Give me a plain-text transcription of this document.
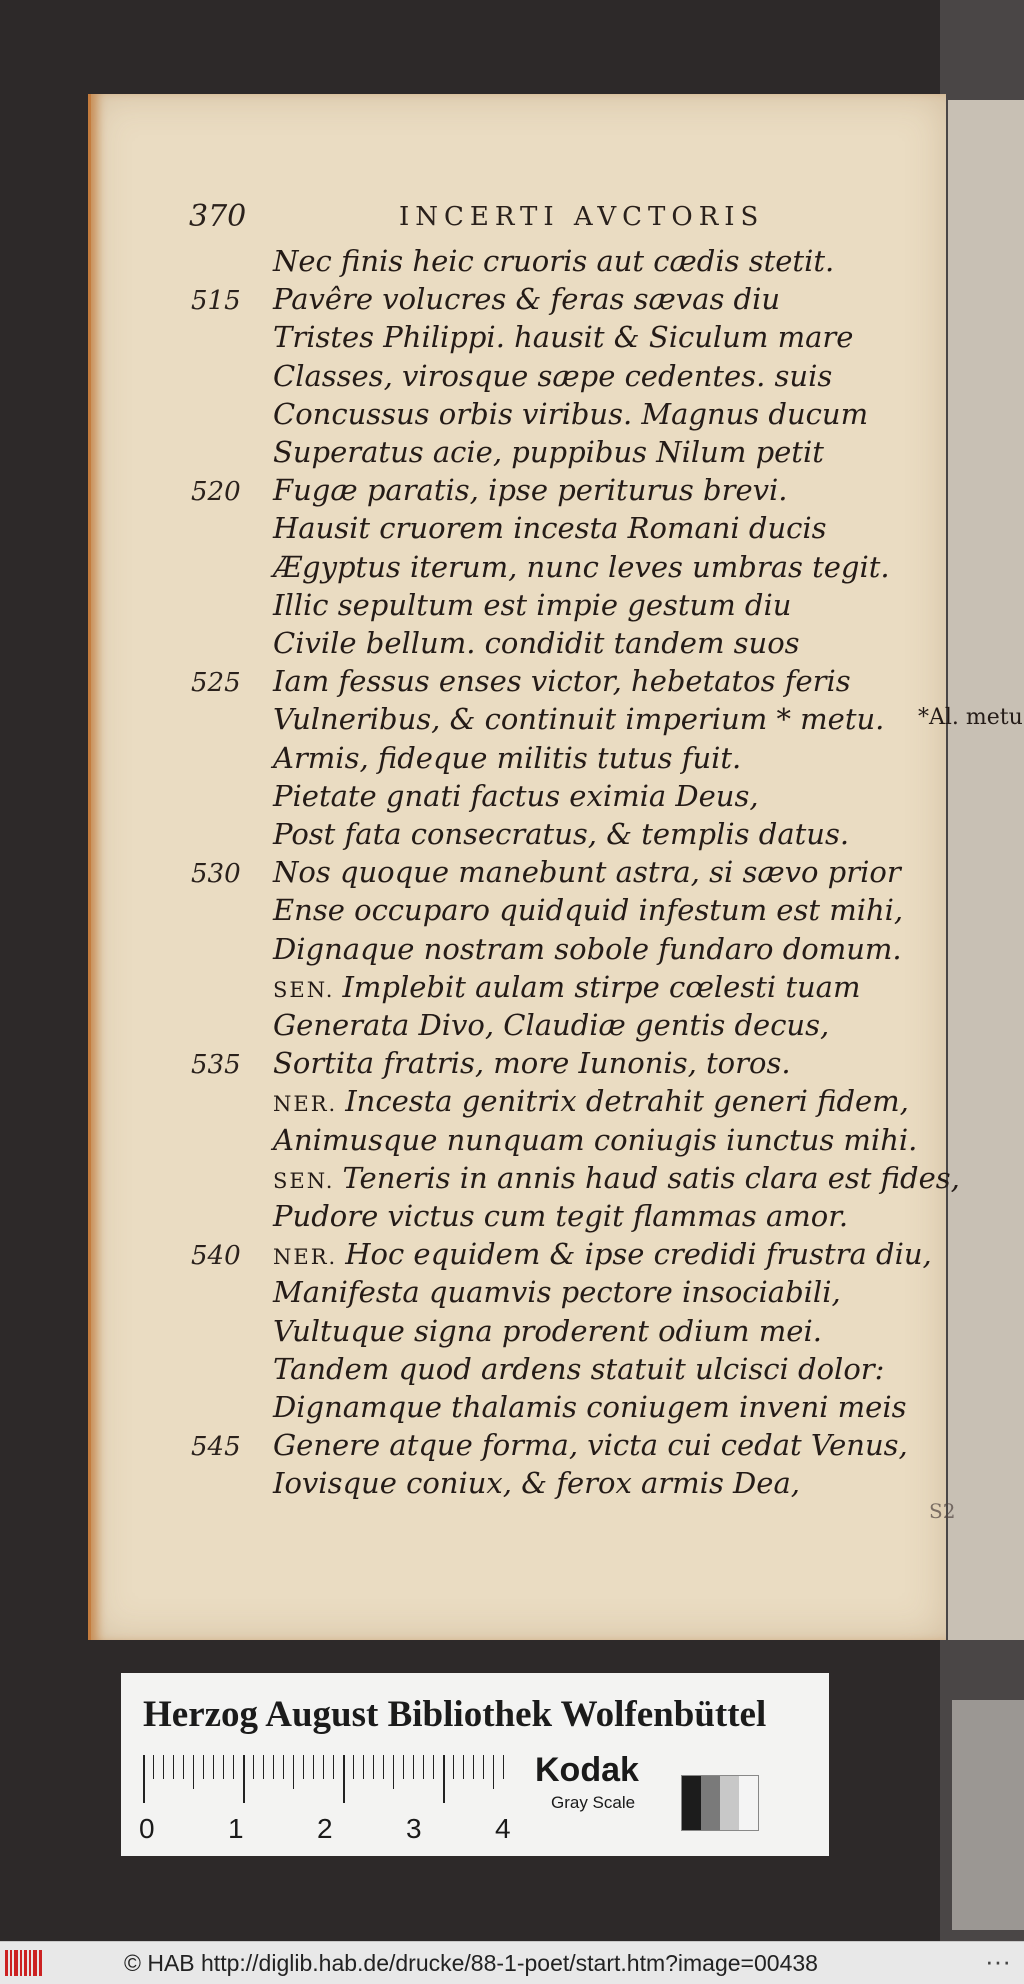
370	INCERTI AVCTORIS
Nec finis heic cruoris aut cædis stetit.
515 Pavêre volucres & feras sævas diu
Tristes Philippi. hausit & Siculum mare
Classes, virosque sæpe cedentes. suis
Concussus orbis viribus. Magnus ducum
Superatus acie, puppibus Nilum petit
520 Fugæ paratis, ipse periturus brevi.
Hausit cruorem incesta Romani ducis
Ægyptus iterum, nunc leves umbras tegit.
Illic sepultum est impie gestum diu
Civile bellum. condidit tandem suos
525 Iam fessus enses victor, hebetatos feris
Vulneribus, & continuit imperium * metu. *Al. metu
Armis, fideque militis tutus fuit.
Pietate gnati factus eximia Deus,
Post fata consecratus, & templis datus.
530 Nos quoque manebunt astra, si sævo prior
Ense occuparo quidquid infestum est mihi,
Dignaque nostram sobole fundaro domum.
SEN. Implebit aulam stirpe cœlesti tuam
Generata Divo, Claudiæ gentis decus,
535 Sortita fratris, more Iunonis, toros.
NER. Incesta genitrix detrahit generi fidem,
Animusque nunquam coniugis iunctus mihi.
SEN. Teneris in annis haud satis clara est fides,
Pudore victus cum tegit flammas amor.
540 NER. Hoc equidem & ipse credidi frustra diu,
Manifesta quamvis pectore insociabili,
Vultuque signa proderent odium mei.
Tandem quod ardens statuit ulcisci dolor:
Dignamque thalamis coniugem inveni meis
545 Genere atque forma, victa cui cedat Venus,
Iovisque coniux, & ferox armis Dea,
S2
Herzog August Bibliothek Wolfenbüttel
0	1	2	3	4
Kodak
Gray Scale
© HAB http://diglib.hab.de/drucke/88-1-poet/start.htm?image=00438	···
